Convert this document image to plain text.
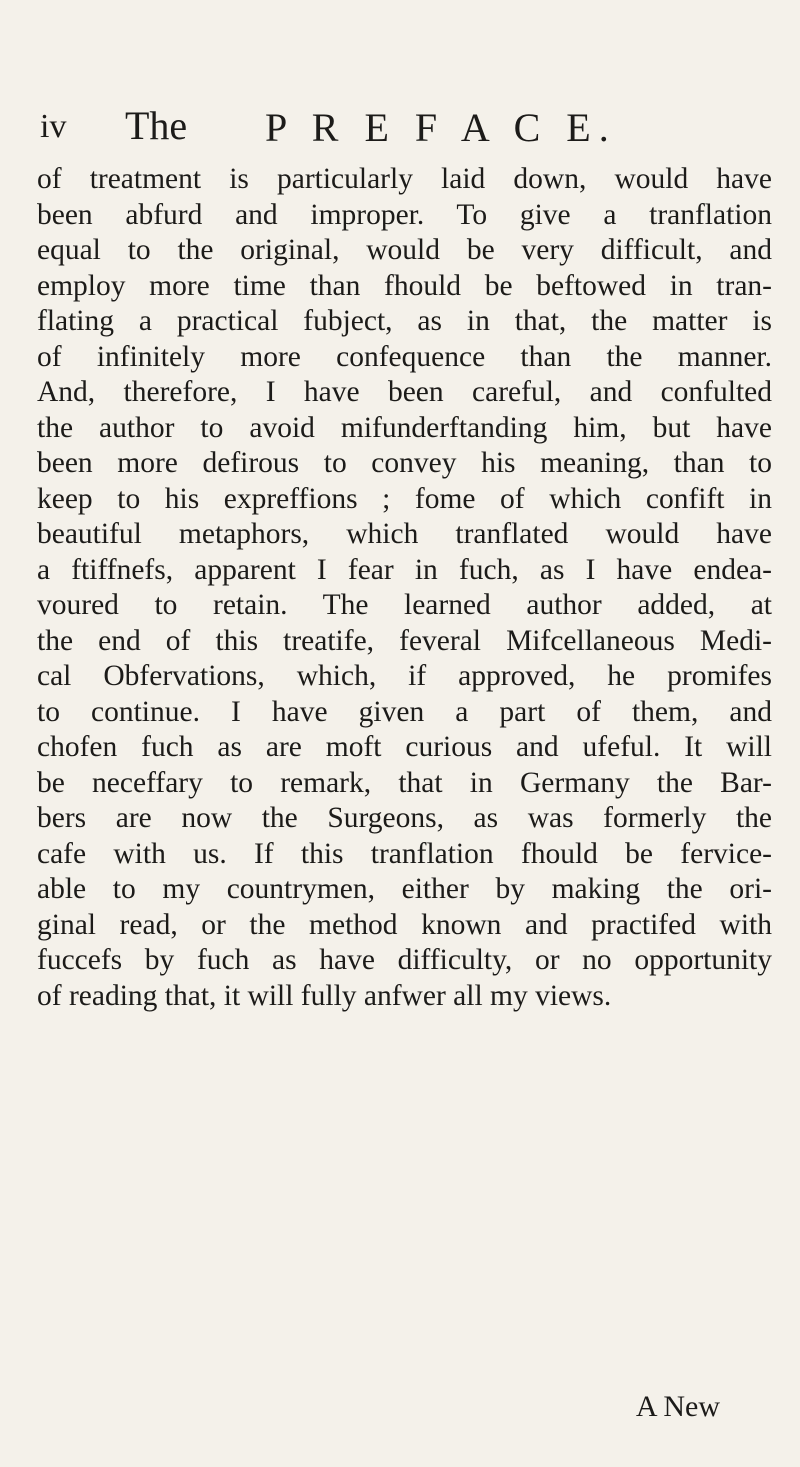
iv The P R E F A C E.
of treatment is particularly laid down, would have
been abfurd and improper. To give a tranflation
equal to the original, would be very difficult, and
employ more time than fhould be beftowed in tran-
flating a practical fubject, as in that, the matter is
of infinitely more confequence than the manner.
And, therefore, I have been careful, and confulted
the author to avoid mifunderftanding him, but have
been more defirous to convey his meaning, than to
keep to his expreffions ; fome of which confift in
beautiful metaphors, which tranflated would have
a ftiffnefs, apparent I fear in fuch, as I have endea-
voured to retain. The learned author added, at
the end of this treatife, feveral Mifcellaneous Medi-
cal Obfervations, which, if approved, he promifes
to continue. I have given a part of them, and
chofen fuch as are moft curious and ufeful. It will
be neceffary to remark, that in Germany the Bar-
bers are now the Surgeons, as was formerly the
cafe with us. If this tranflation fhould be fervice-
able to my countrymen, either by making the ori-
ginal read, or the method known and practifed with
fuccefs by fuch as have difficulty, or no opportunity
of reading that, it will fully anfwer all my views.
A New
